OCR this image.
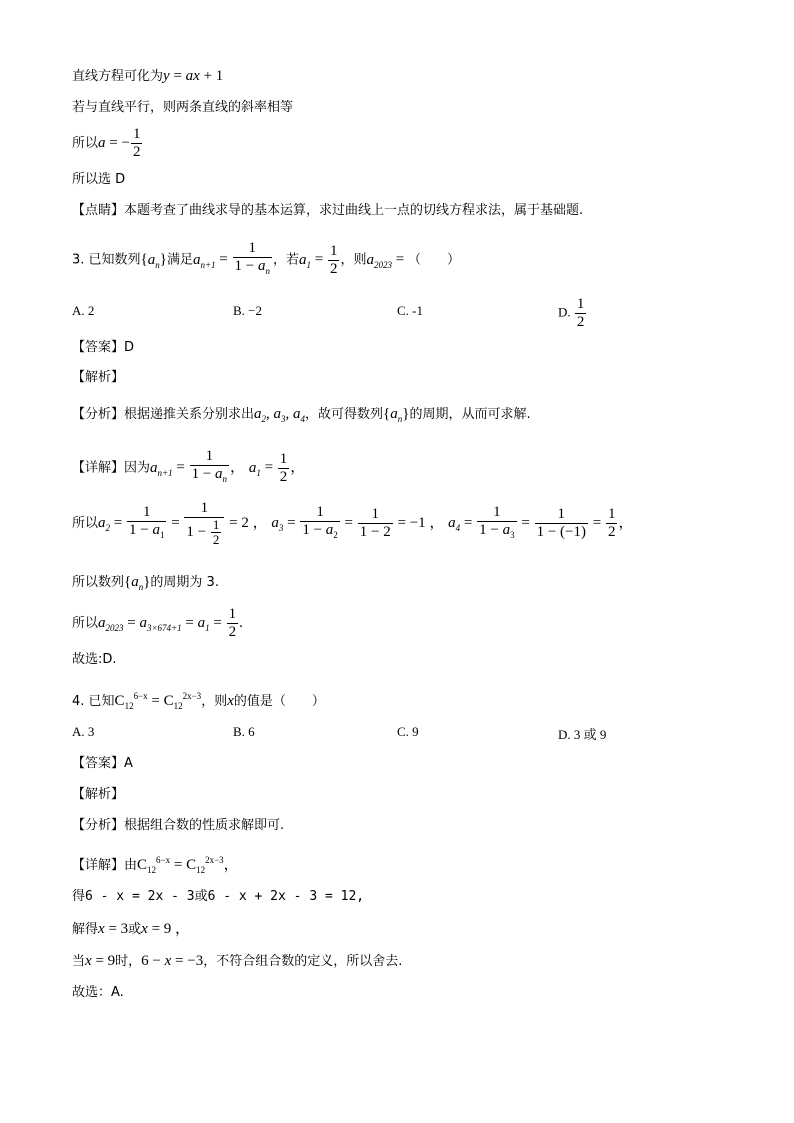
直线方程可化为y = ax + 1
若与直线平行，则两条直线的斜率相等
所以a = − $\frac{1}{2}$
所以选 D
【点睛】本题考查了曲线求导的基本运算，求过曲线上一点的切线方程求法，属于基础题.
3. 已知数列$\{a_n\}$满足$a_{n+1} = \frac{1}{1 - a_n}$ ，若$a_1 = \frac{1}{2}$ ，则$a_{2023}$ = （　　）
A. 2	B. −2	C. -1	D. $\frac{1}{2}$
【答案】D
【解析】
【分析】根据递推关系分别求出$a_2$, $a_3$, $a_4$，故可得数列$\{a_n\}$的周期，从而可求解.
【详解】因为$a_{n+1} = \frac{1}{1 - a_n}$ ， $a_1 = \frac{1}{2}$ ，
所以$a_2 = \frac{1}{1 - a_1} = \frac{1}{1 - \frac{1}{2}} = 2$ ， $a_3 = \frac{1}{1 - a_2} = \frac{1}{1 - 2} = -1$ ， $a_4 = \frac{1}{1 - a_3} = \frac{1}{1 - (-1)} = \frac{1}{2}$ ，
所以数列$\{a_n\}$的周期为 3.
所以$a_{2023} = a_{3\times 674+1} = a_1 = \frac{1}{2}$ .
故选:D.
4. 已知$C_{12}^{6-x} = C_{12}^{2x-3}$，则x的值是（　　）
A. 3	B. 6	C. 9	D. 3 或 9
【答案】A
【解析】
【分析】根据组合数的性质求解即可.
【详解】由$C_{12}^{6-x} = C_{12}^{2x-3}$，
得6 - x = 2x - 3或6 - x + 2x - 3 = 12,
解得x = 3或x = 9 ，
当x = 9时，6 − x = −3，不符合组合数的定义，所以舍去.
故选：A.
